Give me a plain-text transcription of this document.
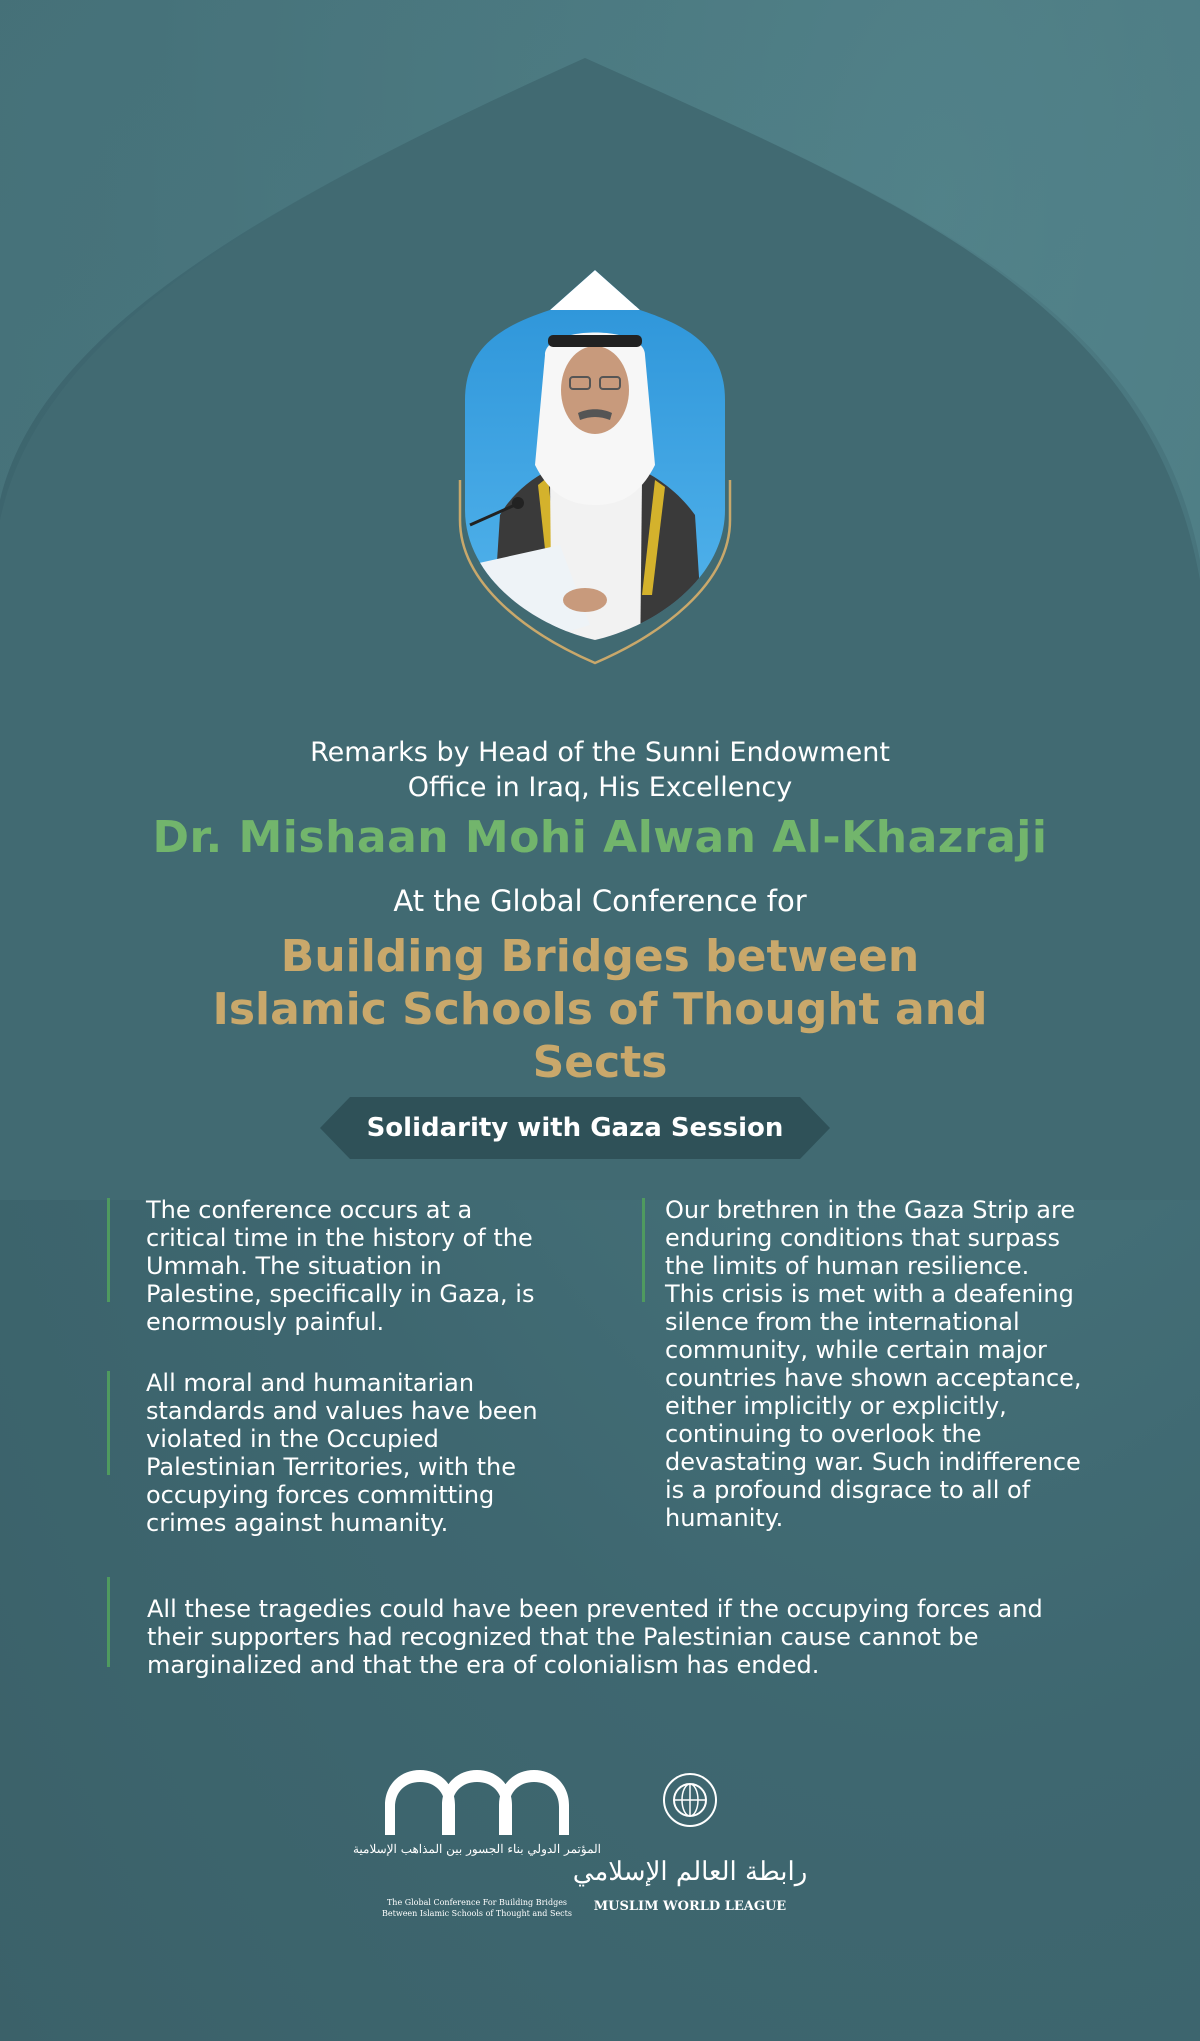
Remarks by Head of the Sunni Endowment Office in Iraq, His Excellency
Dr. Mishaan Mohi Alwan Al-Khazraji
At the Global Conference for
Building Bridges between Islamic Schools of Thought and Sects
Solidarity with Gaza Session
The conference occurs at a critical time in the history of the Ummah. The situation in Palestine, specifically in Gaza, is enormously painful.
All moral and humanitarian standards and values have been violated in the Occupied Palestinian Territories, with the occupying forces committing crimes against humanity.
Our brethren in the Gaza Strip are enduring conditions that surpass the limits of human resilience. This crisis is met with a deafening silence from the international community, while certain major countries have shown acceptance, either implicitly or explicitly, continuing to overlook the devastating war. Such indifference is a profound disgrace to all of humanity.
All these tragedies could have been prevented if the occupying forces and their supporters had recognized that the Palestinian cause cannot be marginalized and that the era of colonialism has ended.
المؤتمر الدولي بناء الجسور بين المذاهب الإسلامية
The Global Conference For Building Bridges
Between Islamic Schools of Thought and Sects
رابطة العالم الإسلامي
MUSLIM WORLD LEAGUE
